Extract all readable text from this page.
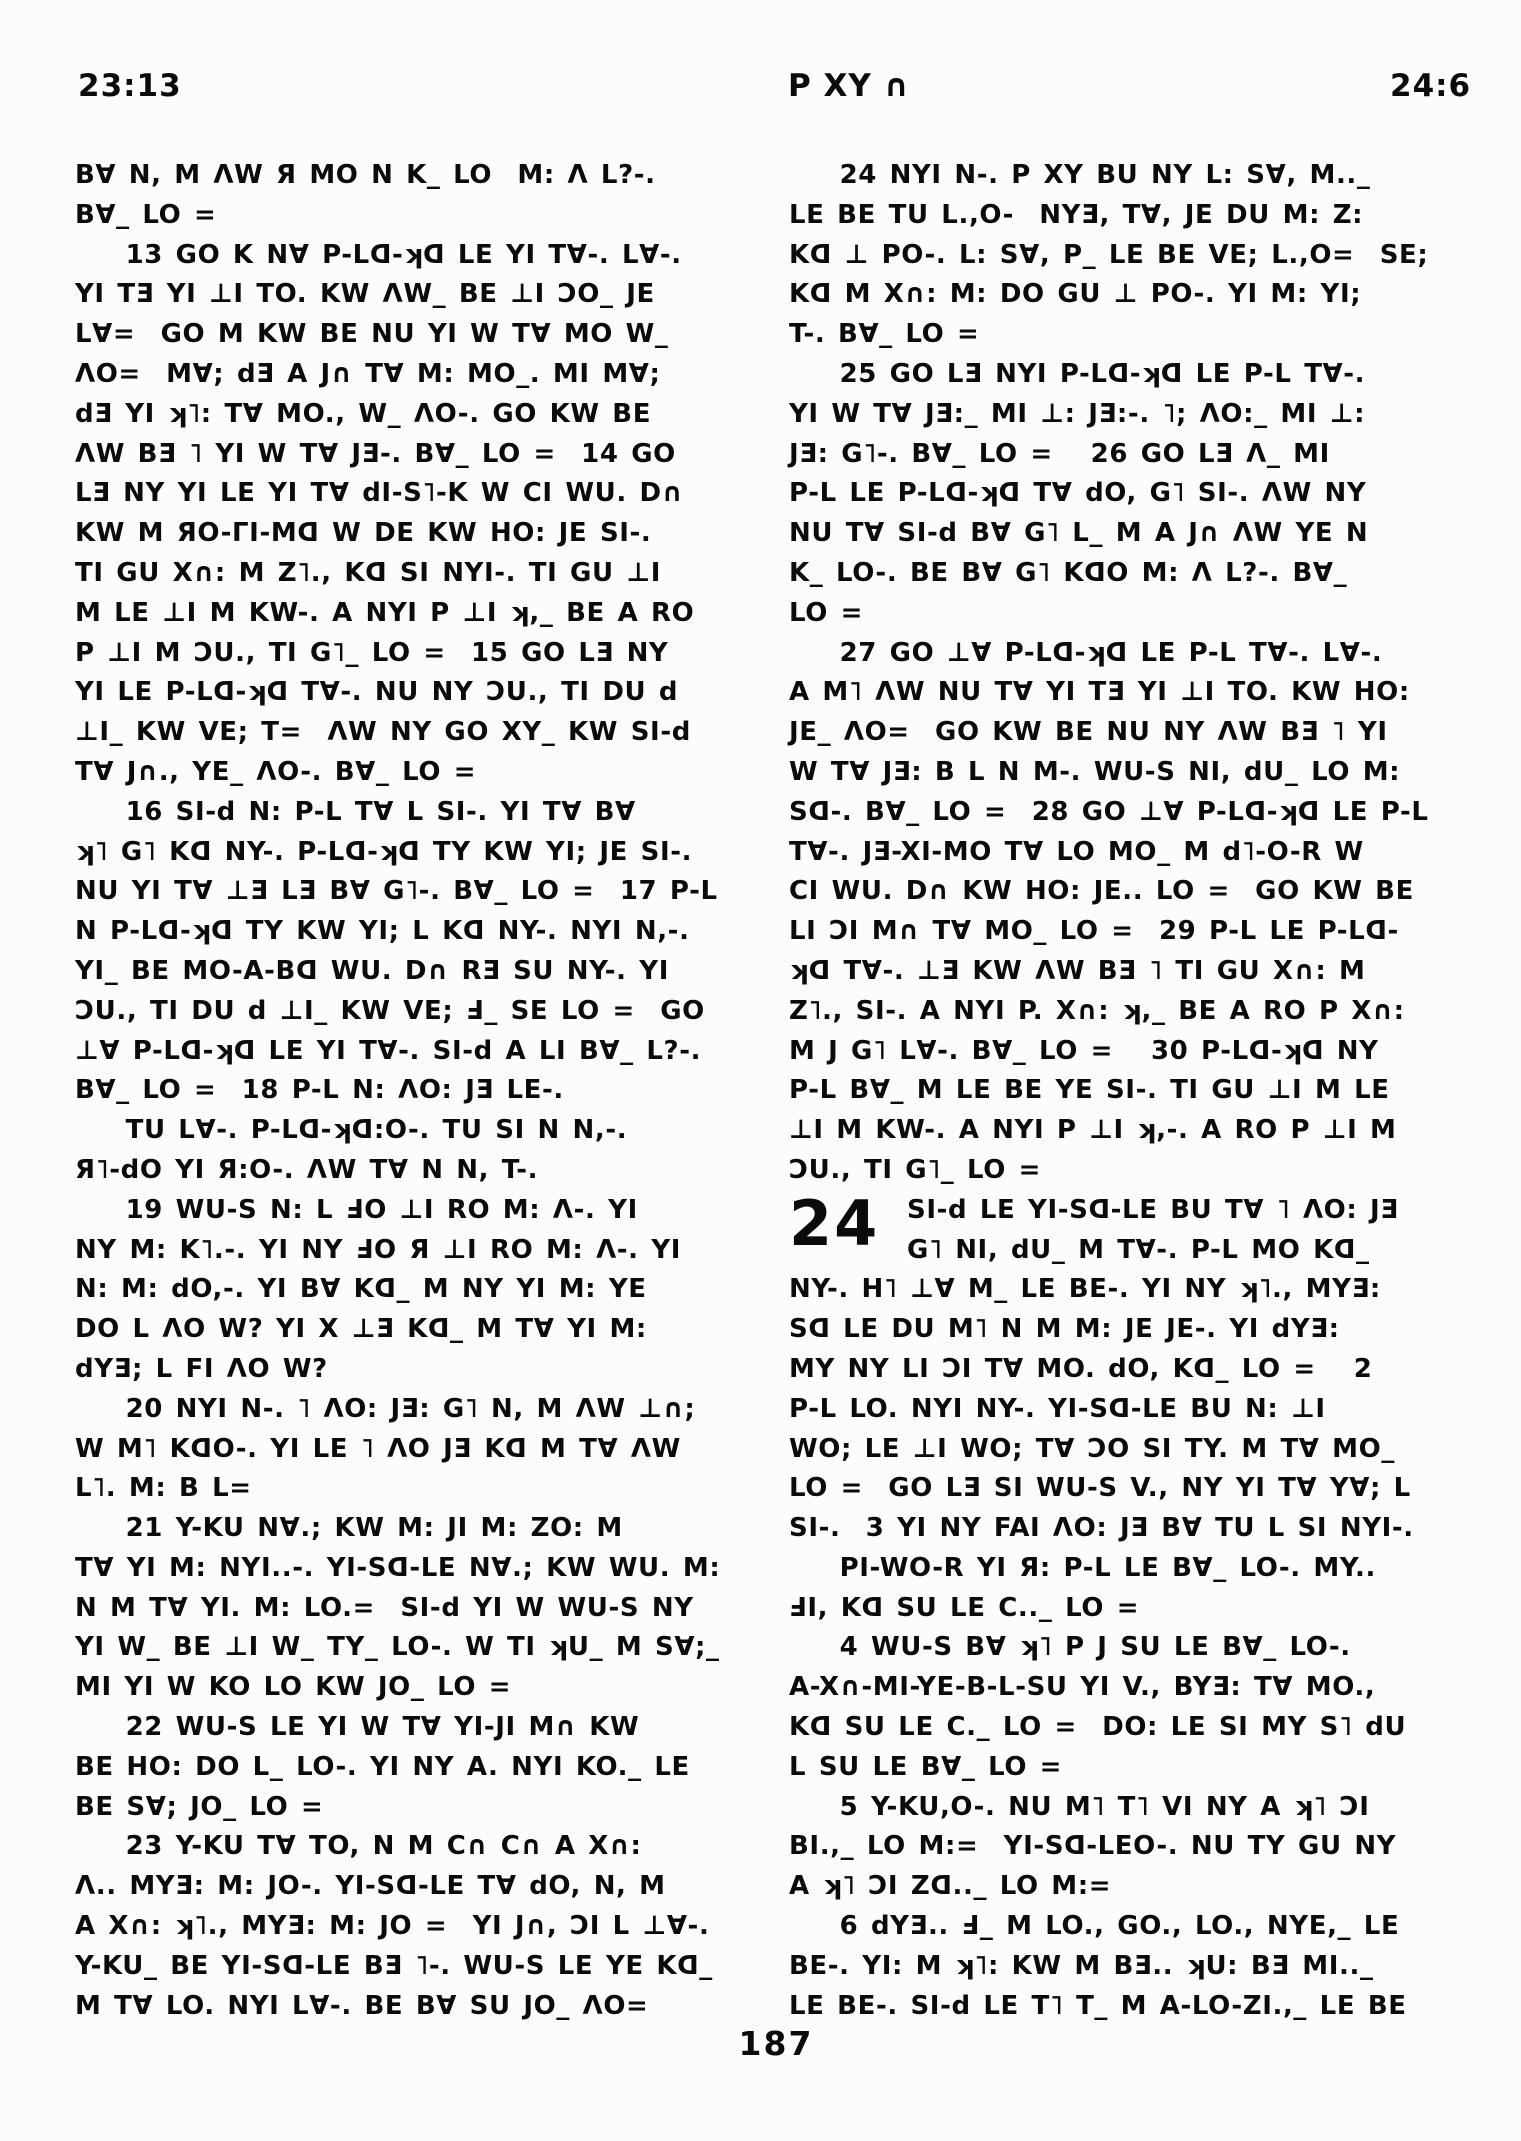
23:13	P XY ∩	24:6
B∀ N, M ΛW Я MO N K_ LO  M: Λ L?-.
B∀_ LO =
13 GO K N∀ P-Lᗡ-ʞᗡ LE YI T∀-. L∀-.
YI TƎ YI ⊥I TO. KW ΛW_ BE ⊥I ƆO_ JE
L∀=  GO M KW BE NU YI W T∀ MO W_
ΛO=  M∀; dƎ A J∩ T∀ M: MO_. MI M∀;
dƎ YI ʞ˥: T∀ MO., W_ ΛO-. GO KW BE
ΛW BƎ ˥ YI W T∀ JƎ-. B∀_ LO =  14 GO
LƎ NY YI LE YI T∀ dI-S˥-K W CI WU. D∩
KW M ЯO-ΓI-Mᗡ W DE KW HO: JE SI-.
TI GU X∩: M Z˥., Kᗡ SI NYI-. TI GU ⊥I
M LE ⊥I M KW-. A NYI P ⊥I ʞ,_ BE A RO
P ⊥I M ƆU., TI G˥_ LO =  15 GO LƎ NY
YI LE P-Lᗡ-ʞᗡ T∀-. NU NY ƆU., TI DU d
⊥I_ KW VE; T=  ΛW NY GO XY_ KW SI-d
T∀ J∩., YE_ ΛO-. B∀_ LO =
16 SI-d N: P-L T∀ L SI-. YI T∀ B∀
ʞ˥ G˥ Kᗡ NY-. P-Lᗡ-ʞᗡ TY KW YI; JE SI-.
NU YI T∀ ⊥Ǝ LƎ B∀ G˥-. B∀_ LO =  17 P-L
N P-Lᗡ-ʞᗡ TY KW YI; L Kᗡ NY-. NYI N,-.
YI_ BE MO-A-Bᗡ WU. D∩ RƎ SU NY-. YI
ƆU., TI DU d ⊥I_ KW VE; Ⅎ_ SE LO =  GO
⊥∀ P-Lᗡ-ʞᗡ LE YI T∀-. SI-d A LI B∀_ L?-.
B∀_ LO =  18 P-L N: ΛO: JƎ LE-.
TU L∀-. P-Lᗡ-ʞᗡ:O-. TU SI N N,-.
Я˥-dO YI Я:O-. ΛW T∀ N N, T-.
19 WU-S N: L ℲO ⊥I RO M: Λ-. YI
NY M: K˥.-. YI NY ℲO Я ⊥I RO M: Λ-. YI
N: M: dO,-. YI B∀ Kᗡ_ M NY YI M: YE
DO L ΛO W? YI X ⊥Ǝ Kᗡ_ M T∀ YI M:
dYƎ; L FI ΛO W?
20 NYI N-. ˥ ΛO: JƎ: G˥ N, M ΛW ⊥∩;
W M˥ KᗡO-. YI LE ˥ ΛO JƎ Kᗡ M T∀ ΛW
L˥. M: B L=
21 Y-KU N∀.; KW M: JI M: ZO: M
T∀ YI M: NYI..-. YI-Sᗡ-LE N∀.; KW WU. M:
N M T∀ YI. M: LO.=  SI-d YI W WU-S NY
YI W_ BE ⊥I W_ TY_ LO-. W TI ʞU_ M S∀;_
MI YI W KO LO KW JO_ LO =
22 WU-S LE YI W T∀ YI-JI M∩ KW
BE HO: DO L_ LO-. YI NY A. NYI KO._ LE
BE S∀; JO_ LO =
23 Y-KU T∀ TO, N M C∩ C∩ A X∩:
Λ.. MYƎ: M: JO-. YI-Sᗡ-LE T∀ dO, N, M
A X∩: ʞ˥., MYƎ: M: JO =  YI J∩, ƆI L ⊥∀-.
Y-KU_ BE YI-Sᗡ-LE BƎ ˥-. WU-S LE YE Kᗡ_
M T∀ LO. NYI L∀-. BE B∀ SU JO_ ΛO=
24 NYI N-. P XY BU NY L: S∀, M.._
LE BE TU L.,O-  NYƎ, T∀, JE DU M: Z:
Kᗡ ⊥ PO-. L: S∀, P_ LE BE VE; L.,O=  SE;
Kᗡ M X∩: M: DO GU ⊥ PO-. YI M: YI;
T-. B∀_ LO =
25 GO LƎ NYI P-Lᗡ-ʞᗡ LE P-L T∀-.
YI W T∀ JƎ:_ MI ⊥: JƎ:-. ˥; ΛO:_ MI ⊥:
JƎ: G˥-. B∀_ LO =   26 GO LƎ Λ_ MI
P-L LE P-Lᗡ-ʞᗡ T∀ dO, G˥ SI-. ΛW NY
NU T∀ SI-d B∀ G˥ L_ M A J∩ ΛW YE N
K_ LO-. BE B∀ G˥ KᗡO M: Λ L?-. B∀_
LO =
27 GO ⊥∀ P-Lᗡ-ʞᗡ LE P-L T∀-. L∀-.
A M˥ ΛW NU T∀ YI TƎ YI ⊥I TO. KW HO:
JE_ ΛO=  GO KW BE NU NY ΛW BƎ ˥ YI
W T∀ JƎ: B L N M-. WU-S NI, dU_ LO M:
Sᗡ-. B∀_ LO =  28 GO ⊥∀ P-Lᗡ-ʞᗡ LE P-L
T∀-. JƎ-XI-MO T∀ LO MO_ M d˥-O-R W
CI WU. D∩ KW HO: JE.. LO =  GO KW BE
LI ƆI M∩ T∀ MO_ LO =  29 P-L LE P-Lᗡ-
ʞᗡ T∀-. ⊥Ǝ KW ΛW BƎ ˥ TI GU X∩: M
Z˥., SI-. A NYI P. X∩: ʞ,_ BE A RO P X∩:
M J G˥ L∀-. B∀_ LO =   30 P-Lᗡ-ʞᗡ NY
P-L B∀_ M LE BE YE SI-. TI GU ⊥I M LE
⊥I M KW-. A NYI P ⊥I ʞ,-. A RO P ⊥I M
ƆU., TI G˥_ LO =
24 SI-d LE YI-Sᗡ-LE BU T∀ ˥ ΛO: JƎ
G˥ NI, dU_ M T∀-. P-L MO Kᗡ_
NY-. H˥ ⊥∀ M_ LE BE-. YI NY ʞ˥., MYƎ:
Sᗡ LE DU M˥ N M M: JE JE-. YI dYƎ:
MY NY LI ƆI T∀ MO. dO, Kᗡ_ LO =   2
P-L LO. NYI NY-. YI-Sᗡ-LE BU N: ⊥I
WO; LE ⊥I WO; T∀ ƆO SI TY. M T∀ MO_
LO =  GO LƎ SI WU-S V., NY YI T∀ Y∀; L
SI-.  3 YI NY FAI ΛO: JƎ B∀ TU L SI NYI-.
PI-WO-R YI Я: P-L LE B∀_ LO-. MY..
ℲI, Kᗡ SU LE C.._ LO =
4 WU-S B∀ ʞ˥ P J SU LE B∀_ LO-.
A-X∩-MI-YE-B-L-SU YI V., BYƎ: T∀ MO.,
Kᗡ SU LE C._ LO =  DO: LE SI MY S˥ dU
L SU LE B∀_ LO =
5 Y-KU,O-. NU M˥ T˥ VI NY A ʞ˥ ƆI
BI.,_ LO M:=  YI-Sᗡ-LEO-. NU TY GU NY
A ʞ˥ ƆI Zᗡ.._ LO M:=
6 dYƎ.. Ⅎ_ M LO., GO., LO., NYE,_ LE
BE-. YI: M ʞ˥: KW M BƎ.. ʞU: BƎ MI.._
LE BE-. SI-d LE T˥ T_ M A-LO-ZI.,_ LE BE
187
